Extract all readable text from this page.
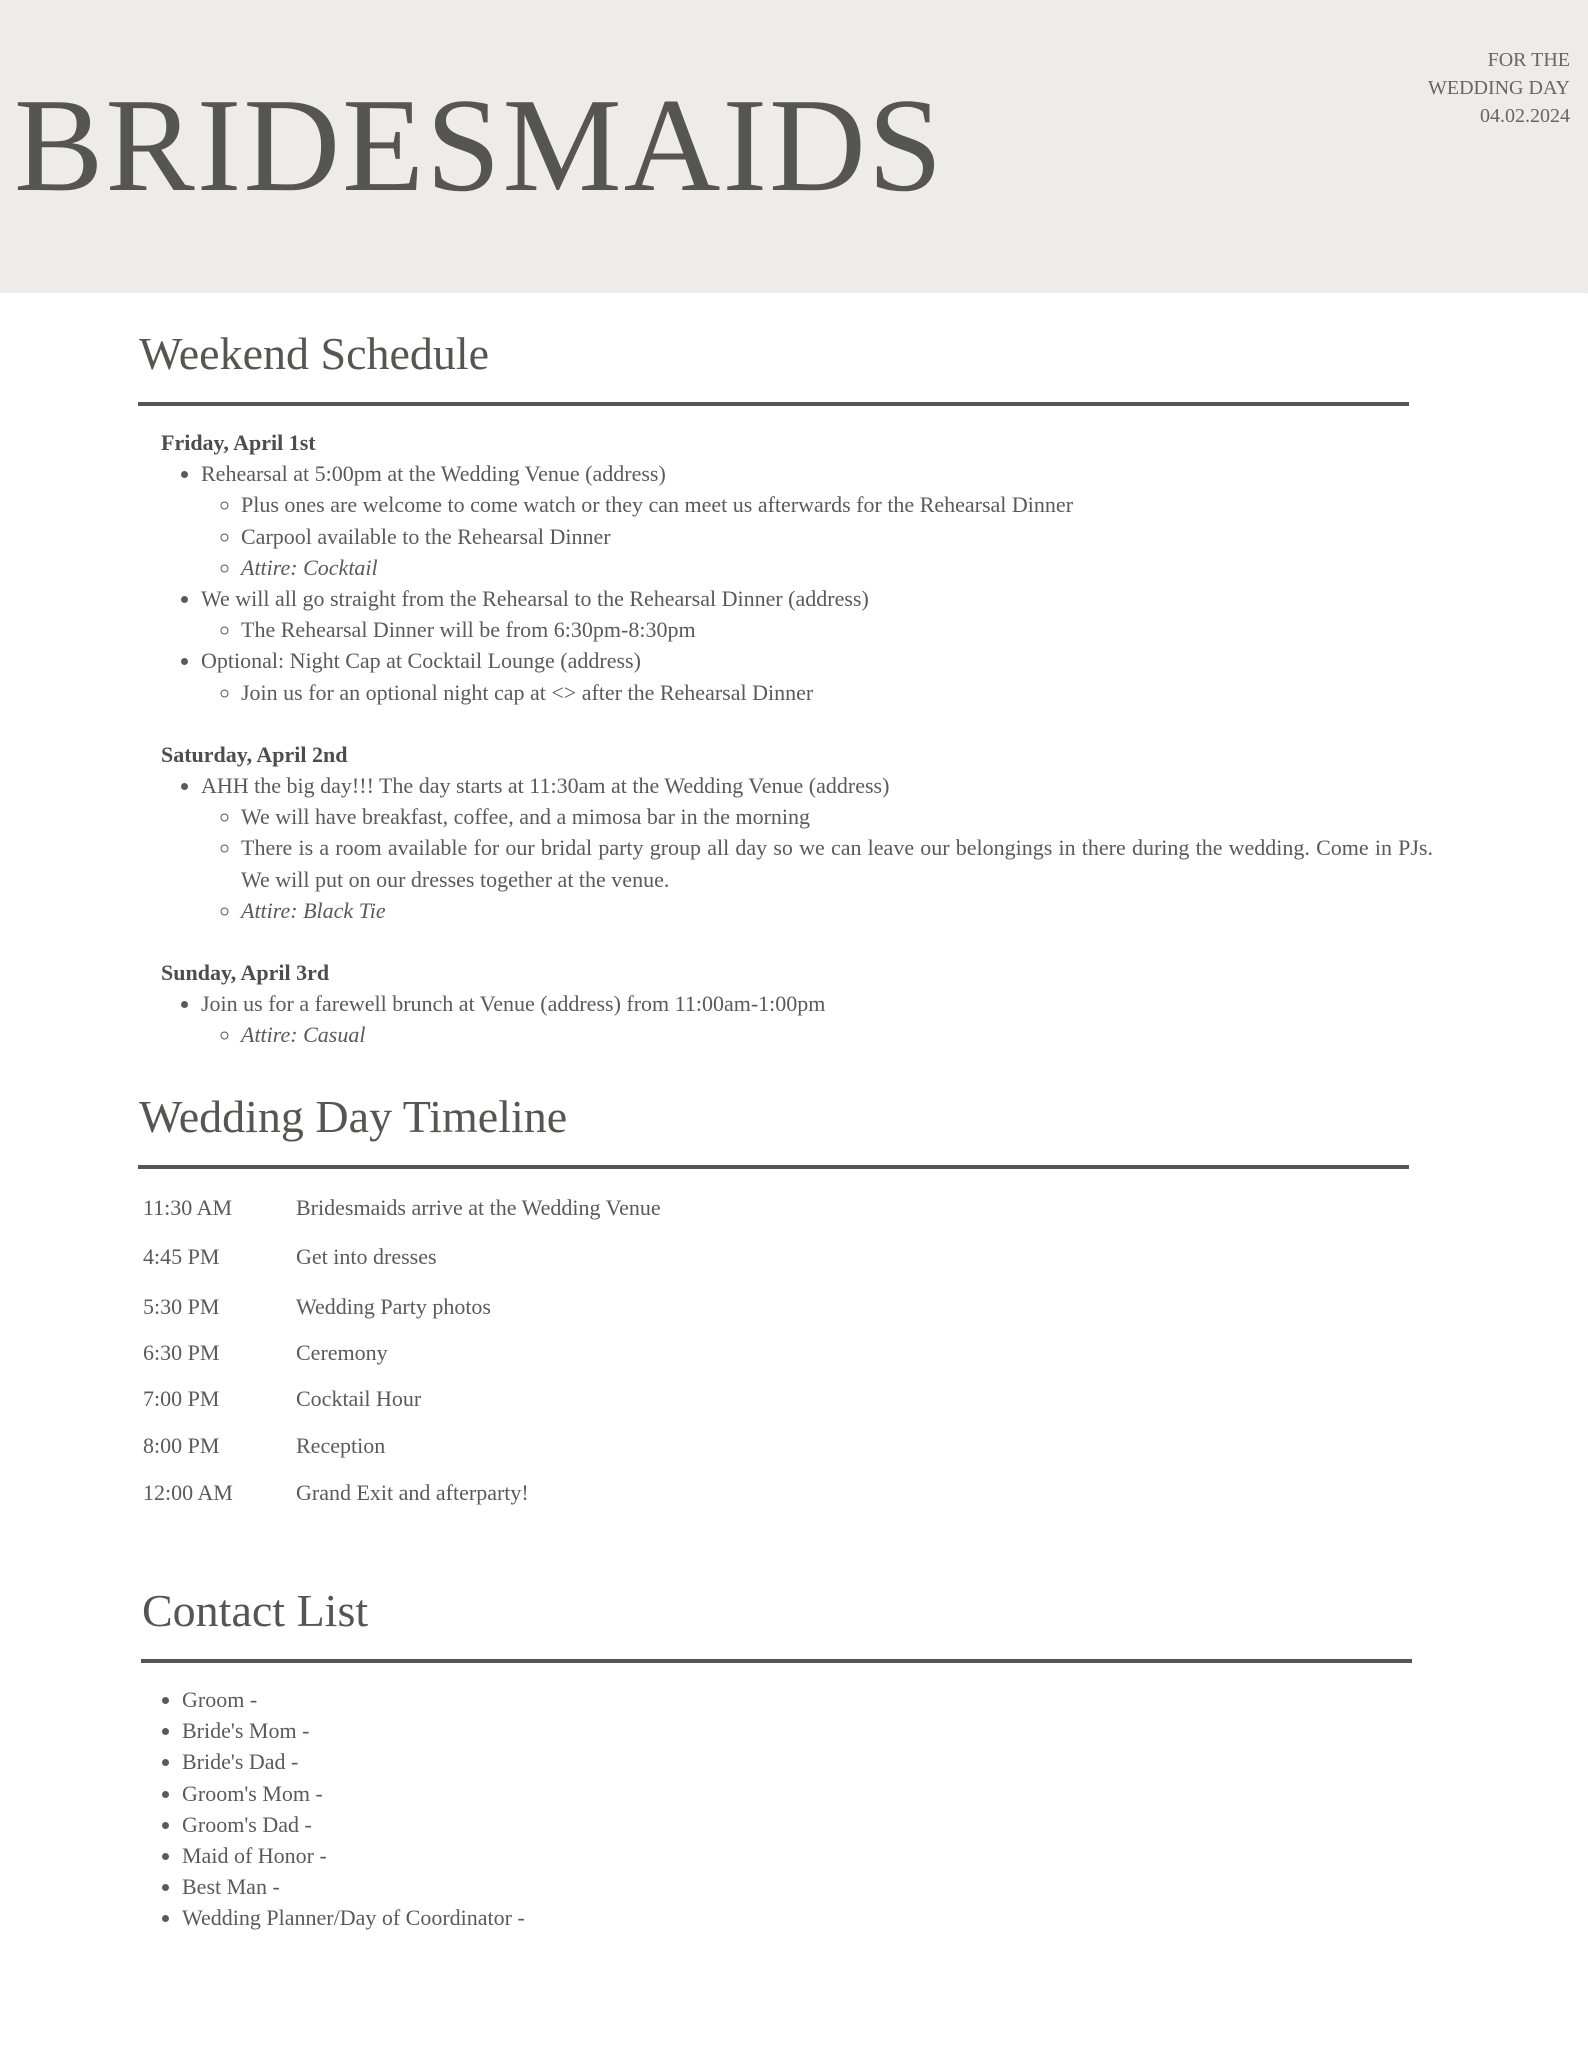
BRIDESMAIDS
FOR THE
WEDDING DAY
04.02.2024
Weekend Schedule
Friday, April 1st
• Rehearsal at 5:00pm at the Wedding Venue (address)
◦ Plus ones are welcome to come watch or they can meet us afterwards for the Rehearsal Dinner
◦ Carpool available to the Rehearsal Dinner
◦ Attire: Cocktail
• We will all go straight from the Rehearsal to the Rehearsal Dinner (address)
◦ The Rehearsal Dinner will be from 6:30pm-8:30pm
• Optional: Night Cap at Cocktail Lounge (address)
◦ Join us for an optional night cap at <> after the Rehearsal Dinner
Saturday, April 2nd
• AHH the big day!!! The day starts at 11:30am at the Wedding Venue (address)
◦ We will have breakfast, coffee, and a mimosa bar in the morning
◦ There is a room available for our bridal party group all day so we can leave our belongings in there during the wedding. Come in PJs. We will put on our dresses together at the venue.
◦ Attire: Black Tie
Sunday, April 3rd
• Join us for a farewell brunch at Venue (address) from 11:00am-1:00pm
◦ Attire: Casual
Wedding Day Timeline
11:30 AM	Bridesmaids arrive at the Wedding Venue
4:45 PM	Get into dresses
5:30 PM	Wedding Party photos
6:30 PM	Ceremony
7:00 PM	Cocktail Hour
8:00 PM	Reception
12:00 AM	Grand Exit and afterparty!
Contact List
• Groom -
• Bride's Mom -
• Bride's Dad -
• Groom's Mom -
• Groom's Dad -
• Maid of Honor -
• Best Man -
• Wedding Planner/Day of Coordinator -
